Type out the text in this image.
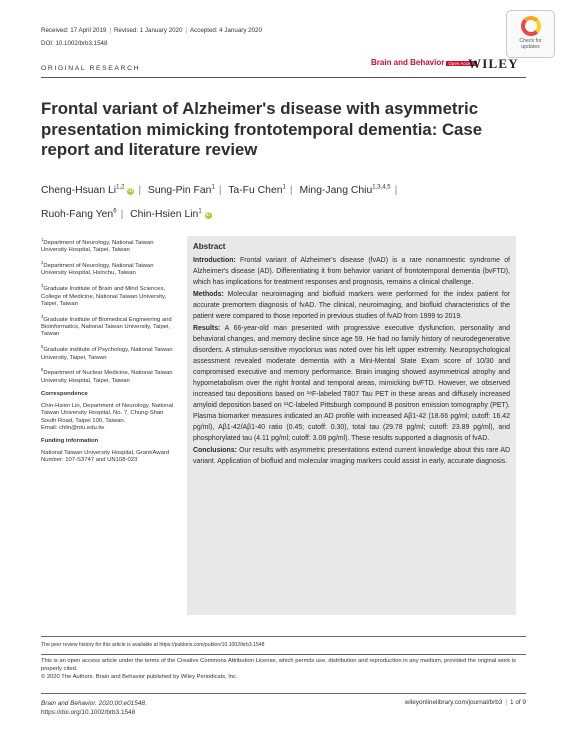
Received: 17 April 2019 | Revised: 1 January 2020 | Accepted: 4 January 2020
DOI: 10.1002/brb3.1548	Check for
updates
ORIGINAL RESEARCH
Brain and Behavior Open Access
WILEY
Frontal variant of Alzheimer's disease with asymmetric presentation mimicking frontotemporal dementia: Case report and literature review
Cheng-Hsuan Li$^{1,2}$ iD | Sung-Pin Fan$^1$ | Ta-Fu Chen$^1$ | Ming-Jang Chiu$^{1,3,4,5}$ |
Ruoh-Fang Yen$^6$ | Chin-Hsien Lin$^1$ iD

$^1$Department of Neurology, National Taiwan University Hospital, Taipei, Taiwan

$^2$Department of Neurology, National Taiwan University Hospital, Hsinchu, Taiwan

$^3$Graduate Institute of Brain and Mind Sciences, College of Medicine, National Taiwan University, Taipei, Taiwan

$^4$Graduate Institute of Biomedical Engineering and Bioinformatics, National Taiwan University, Taipei, Taiwan

$^5$Graduate institute of Psychology, National Taiwan University, Taipei, Taiwan

$^6$Department of Nuclear Medicine, National Taiwan University Hospital, Taipei, Taiwan

Correspondence

Chin-Hsien Lin, Department of Neurology, National Taiwan University Hospital, No. 7, Chung-Shan South Road, Taipei 100, Taiwan.
Email: chlin@ntu.edu.tw

Funding information

National Taiwan University Hospital, Grant/Award Number: 107-S3747 and UN108-023

Abstract

Introduction: Frontal variant of Alzheimer's disease (fvAD) is a rare nonamnestic syndrome of Alzheimer's disease (AD). Differentiating it from behavior variant of frontotemporal dementia (bvFTD), which has implications for treatment responses and prognosis, remains a clinical challenge.

Methods: Molecular neuroimaging and biofluid markers were performed for the index patient for accurate premortem diagnosis of fvAD. The clinical, neuroimaging, and biofluid characteristics of the patient were compared to those reported in previous studies of fvAD from 1999 to 2019.

Results: A 66-year-old man presented with progressive executive dysfunction, personality and behavioral changes, and memory decline since age 59. He had no family history of neurodegenerative disorders. A stimulus-sensitive myoclonus was noted over his left upper extremity. Neuropsychological assessment revealed moderate dementia with a Mini-Mental State Exam score of 10/30 and compromised executive and memory performance. Brain imaging showed asymmetrical atrophy and hypometabolism over the right frontal and temporal areas, mimicking bvFTD. However, we observed increased tau depositions based on ¹⁸F-labeled T807 Tau PET in these areas and diffusely increased amyloid deposition based on ¹¹C-labeled Pittsburgh compound B positron emission tomography (PET). Plasma biomarker measures indicated an AD profile with increased Aβ1-42 (18.66 pg/ml; cutoff: 16.42 pg/ml), Aβ1-42/Aβ1-40 ratio (0.45; cutoff: 0.30), total tau (29.78 pg/ml; cutoff: 23.89 pg/ml), and phosphorylated tau (4.11 pg/ml; cutoff: 3.08 pg/ml). These results supported a diagnosis of fvAD.

Conclusions: Our results with asymmetric presentations extend current knowledge about this rare AD variant. Application of biofluid and molecular imaging markers could assist in early, accurate diagnosis.

The peer review history for this article is available at https://publons.com/publon/10.1002/brb3.1548
This is an open access article under the terms of the Creative Commons Attribution License, which permits use, distribution and reproduction in any medium, provided the original work is properly cited.
© 2020 The Authors. Brain and Behavior published by Wiley Periodicals, Inc.
Brain and Behavior. 2020;00:e01548.
https://doi.org/10.1002/brb3.1548
wileyonlinelibrary.com/journal/brb3 | 1 of 9
